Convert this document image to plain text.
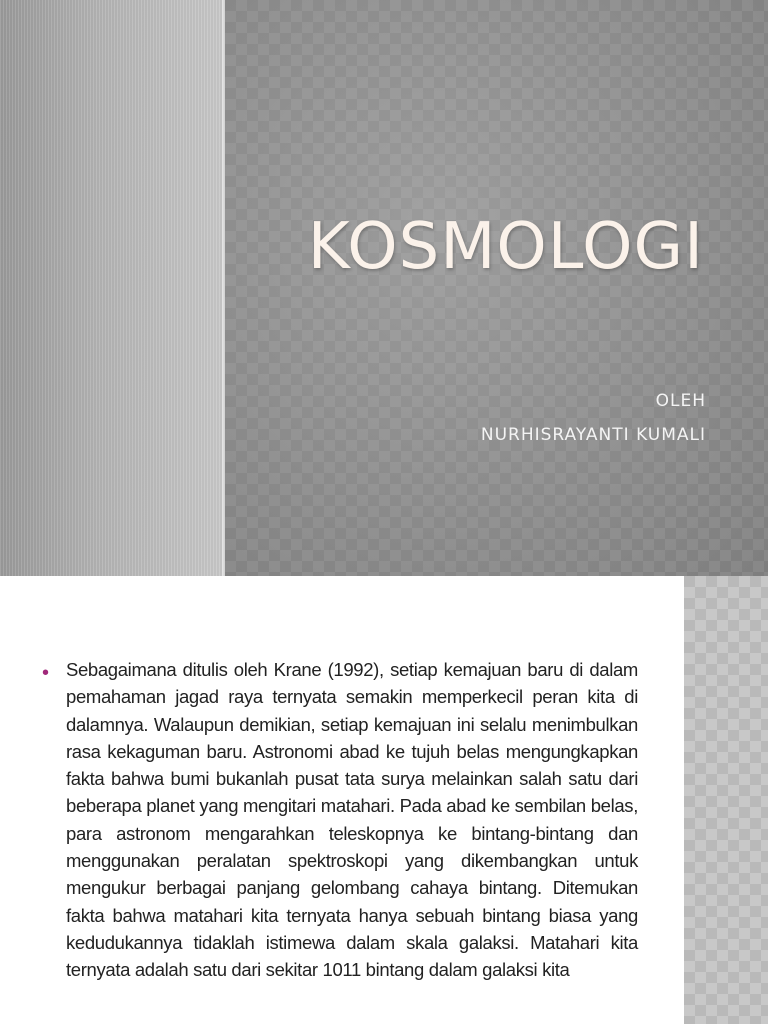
KOSMOLOGI
OLEH
NURHISRAYANTI KUMALI
• Sebagaimana ditulis oleh Krane (1992), setiap kemajuan baru di dalam pemahaman jagad raya ternyata semakin memperkecil peran kita di dalamnya. Walaupun demikian, setiap kemajuan ini selalu menimbulkan rasa kekaguman baru. Astronomi abad ke tujuh belas mengungkapkan fakta bahwa bumi bukanlah pusat tata surya melainkan salah satu dari beberapa planet yang mengitari matahari. Pada abad ke sembilan belas, para astronom mengarahkan teleskopnya ke bintang-bintang dan menggunakan peralatan spektroskopi yang dikembangkan untuk mengukur berbagai panjang gelombang cahaya bintang. Ditemukan fakta bahwa matahari kita ternyata hanya sebuah bintang biasa yang kedudukannya tidaklah istimewa dalam skala galaksi. Matahari kita ternyata adalah satu dari sekitar 1011 bintang dalam galaksi kita
